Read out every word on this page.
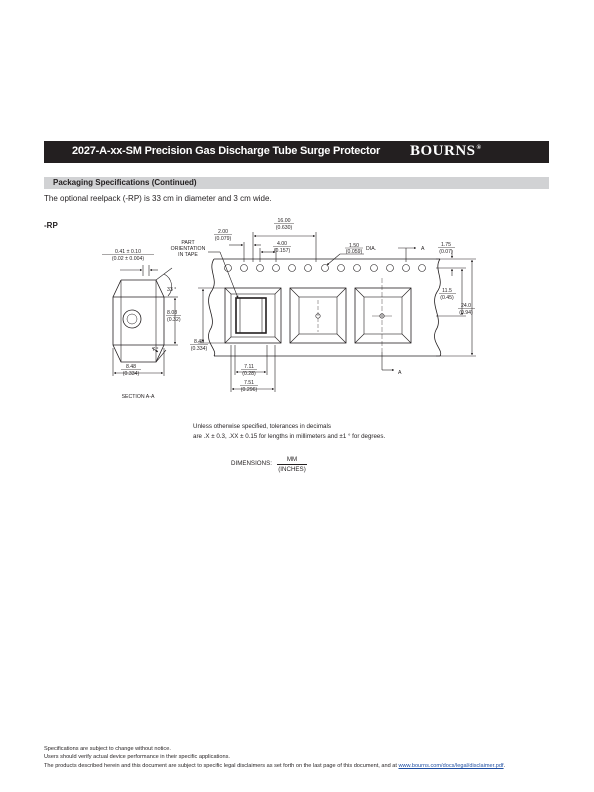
2027-A-xx-SM Precision Gas Discharge Tube Surge Protector BOURNS®
Packaging Specifications (Continued)
The optional reelpack (-RP) is 33 cm in diameter and 3 cm wide.
-RP
0.41 ± 0.10
(0.02 ± 0.004)
33 °
7 °
8.08
(0.32)
8.48
(0.334)
SECTION A-A
PART
ORIENTATION
IN TAPE
2.00
(0.079)
16.00
(0.630)
4.00
(0.157)
1.50
(0.059) DIA.	A
A
1.75
(0.07)
11.5
(0.45)
24.0
(0.94)
8.48
(0.334)
7.11
(0.28)
7.51
(0.296)
Unless otherwise specified, tolerances in decimals
are .X ± 0.3, .XX ± 0.15 for lengths in millimeters and ±1 ° for degrees.
DIMENSIONS:
MM
(INCHES)
Specifications are subject to change without notice.
Users should verify actual device performance in their specific applications.
The products described herein and this document are subject to specific legal disclaimers as set forth on the last page of this document, and at www.bourns.com/docs/legal/disclaimer.pdf.
